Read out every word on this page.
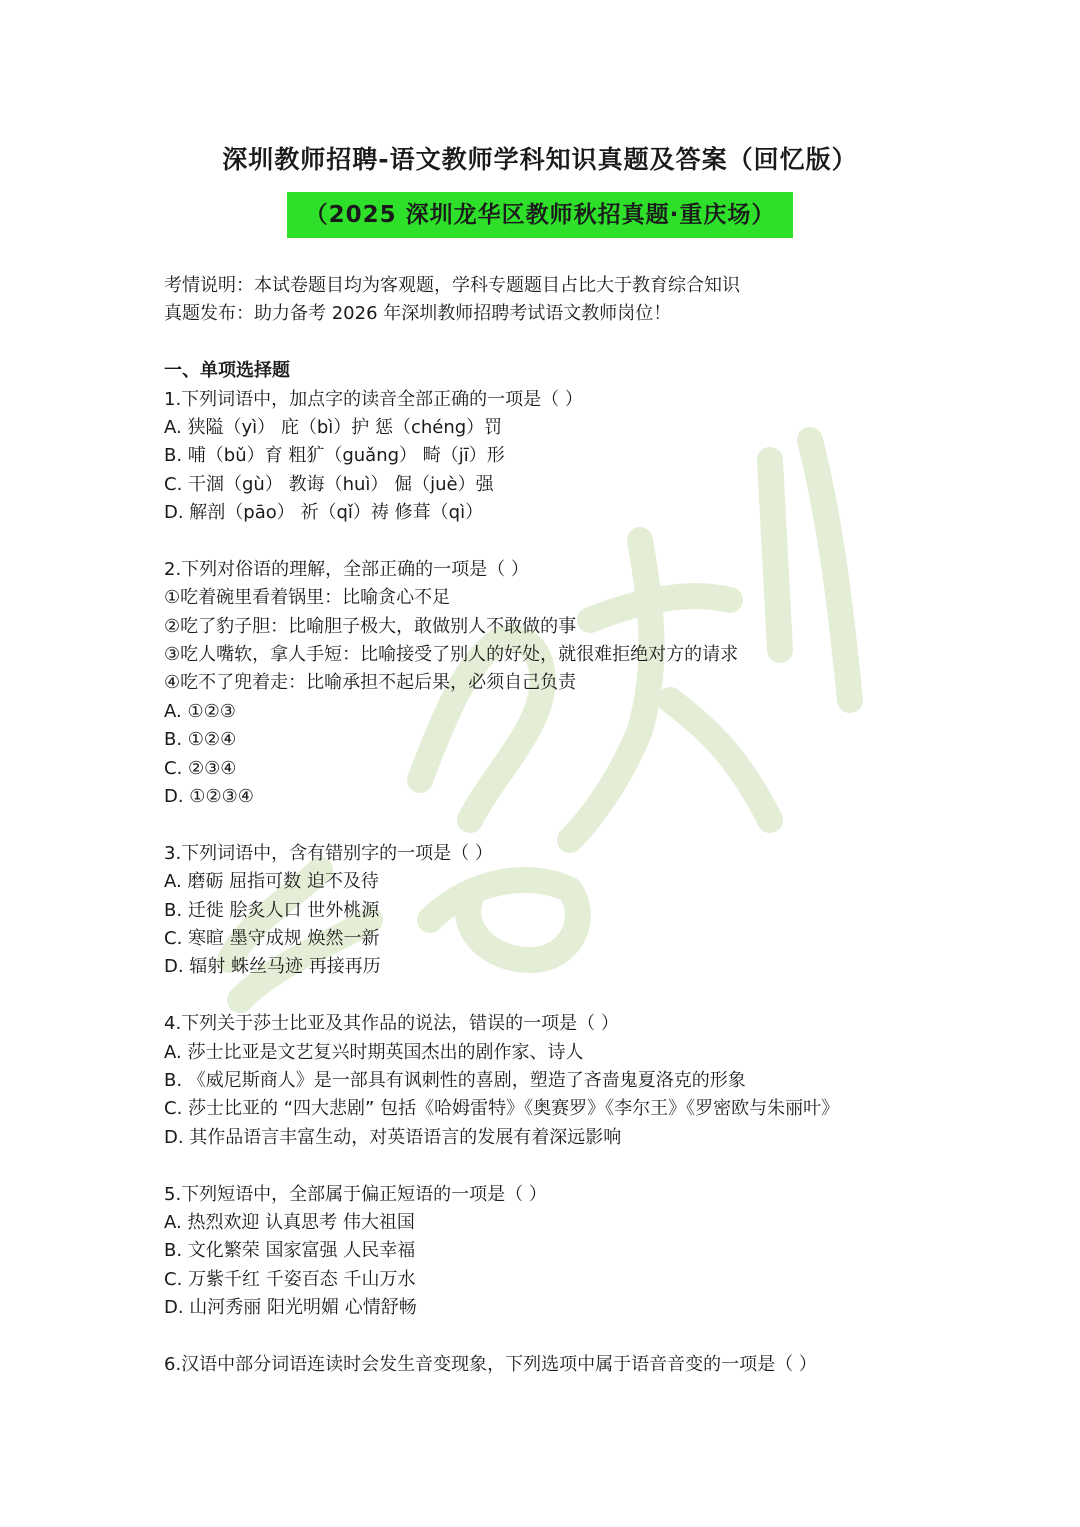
深圳教师招聘-语文教师学科知识真题及答案（回忆版）
（2025 深圳龙华区教师秋招真题·重庆场）
考情说明：本试卷题目均为客观题，学科专题题目占比大于教育综合知识
真题发布：助力备考 2026 年深圳教师招聘考试语文教师岗位！
一、单项选择题
1.下列词语中，加点字的读音全部正确的一项是（ ）
A. 狭隘（yì） 庇（bì）护 惩（chéng）罚
B. 哺（bǔ）育 粗犷（guǎng） 畸（jī）形
C. 干涸（gù） 教诲（huì） 倔（juè）强
D. 解剖（pāo） 祈（qǐ）祷 修葺（qì）
2.下列对俗语的理解，全部正确的一项是（ ）
①吃着碗里看着锅里：比喻贪心不足
②吃了豹子胆：比喻胆子极大，敢做别人不敢做的事
③吃人嘴软，拿人手短：比喻接受了别人的好处，就很难拒绝对方的请求
④吃不了兜着走：比喻承担不起后果，必须自己负责
A. ①②③
B. ①②④
C. ②③④
D. ①②③④
3.下列词语中，含有错别字的一项是（ ）
A. 磨砺 屈指可数 迫不及待
B. 迁徙 脍炙人口 世外桃源
C. 寒暄 墨守成规 焕然一新
D. 辐射 蛛丝马迹 再接再历
4.下列关于莎士比亚及其作品的说法，错误的一项是（ ）
A. 莎士比亚是文艺复兴时期英国杰出的剧作家、诗人
B. 《威尼斯商人》是一部具有讽刺性的喜剧，塑造了吝啬鬼夏洛克的形象
C. 莎士比亚的 “四大悲剧” 包括《哈姆雷特》《奥赛罗》《李尔王》《罗密欧与朱丽叶》
D. 其作品语言丰富生动，对英语语言的发展有着深远影响
5.下列短语中，全部属于偏正短语的一项是（ ）
A. 热烈欢迎 认真思考 伟大祖国
B. 文化繁荣 国家富强 人民幸福
C. 万紫千红 千姿百态 千山万水
D. 山河秀丽 阳光明媚 心情舒畅
6.汉语中部分词语连读时会发生音变现象，下列选项中属于语音音变的一项是（ ）
